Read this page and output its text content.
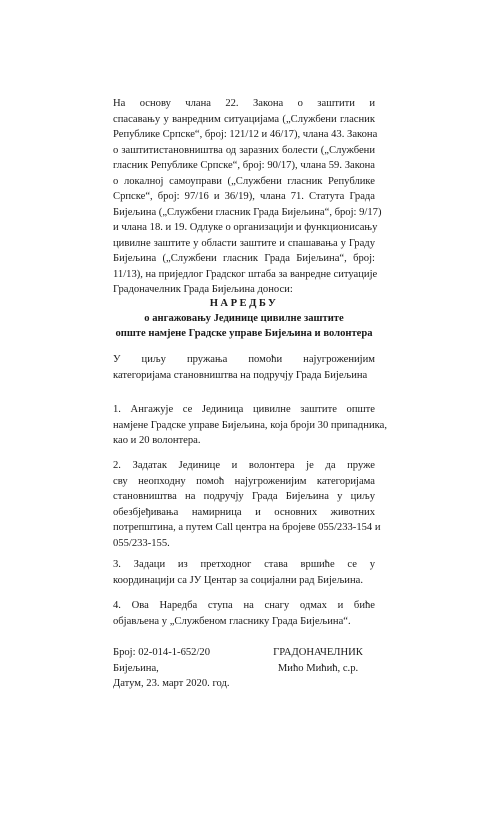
На основу члана 22. Закона о заштити и
спасавању у ванредним ситуацијама („Службени гласник
Републике Српске“, број: 121/12 и 46/17), члана 43. Закона
о заштитистановништва од заразних болести („Службени
гласник Републике Српске“, број: 90/17), члана 59. Закона
о локалној самоуправи („Службени гласник Републике
Српске“, број: 97/16 и 36/19), члана 71. Статута Града
Бијељина („Службени гласник Града Бијељина“, број: 9/17)
и члана 18. и 19. Одлуке о организацији и функционисању
цивилне заштите у области заштите и спашавања у Граду
Бијељина („Службени гласник Града Бијељина“, број:
11/13), на приједлог Градског штаба за ванредне ситуације
Градоначелник Града Бијељина доноси:
НАРЕДБУ
о ангажовању Јединице цивилне заштите
опште намјене Градске управе Бијељина и волонтера
У циљу пружања помоћи најугроженијим
категоријама становништва на подручју Града Бијељина
1. Ангажује се Јединица цивилне заштите опште
намјене Градске управе Бијељина, која броји 30 припадника,
као и 20 волонтера.
2. Задатак Јединице и волонтера је да пруже
сву неопходну помоћ најугроженијим категоријама
становништва на подручју Града Бијељина у циљу
обезбјеђивања намирница и основних животних
потрепштина, а путем Call центра на бројеве 055/233-154 и
055/233-155.
3. Задаци из претходног става вршиће се у
координацији са ЈУ Центар за социјални рад Бијељина.
4. Ова Наредба ступа на снагу одмах и биће
објављена у „Службеном гласнику Града Бијељина“.
Број: 02-014-1-652/20
Бијељина,
Датум, 23. март 2020. год.
ГРАДОНАЧЕЛНИК
Мићо Мићић, с.р.
